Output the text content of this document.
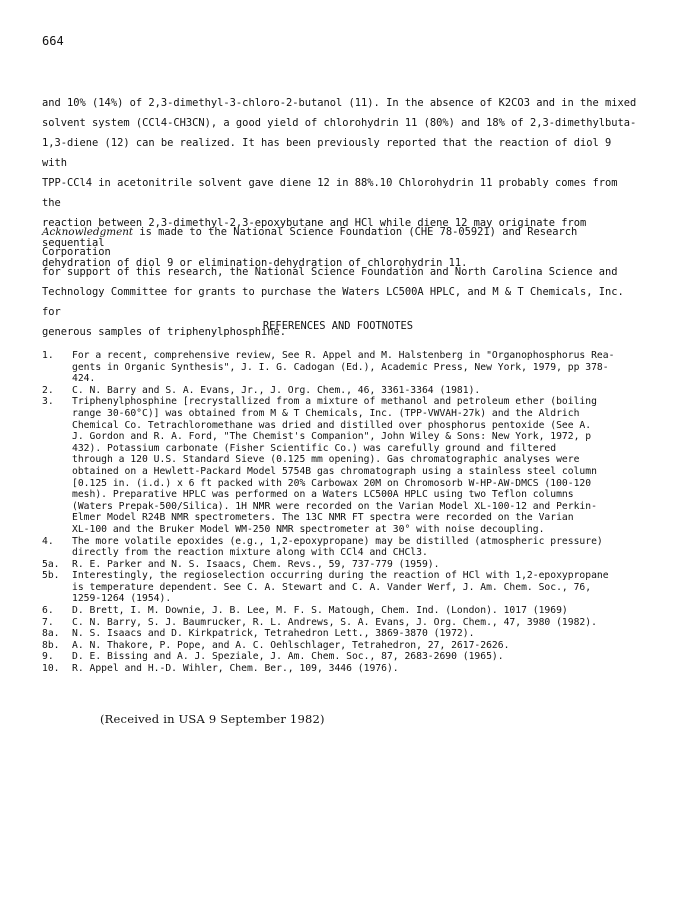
664

and 10% (14%) of 2,3-dimethyl-3-chloro-2-butanol (11). In the absence of K2CO3 and in the mixed
solvent system (CCl4-CH3CN), a good yield of chlorohydrin 11 (80%) and 18% of 2,3-dimethylbuta-
1,3-diene (12) can be realized. It has been previously reported that the reaction of diol 9 with
TPP-CCl4 in acetonitrile solvent gave diene 12 in 88%.10 Chlorohydrin 11 probably comes from the
reaction between 2,3-dimethyl-2,3-epoxybutane and HCl while diene 12 may originate from sequential
dehydration of diol 9 or elimination-dehydration of chlorohydrin 11.

Acknowledgment is made to the National Science Foundation (CHE 78-05921) and Research Corporation
for support of this research, the National Science Foundation and North Carolina Science and
Technology Committee for grants to purchase the Waters LC500A HPLC, and M & T Chemicals, Inc. for
generous samples of triphenylphosphine.

REFERENCES AND FOOTNOTES
1.	For a recent, comprehensive review, See R. Appel and M. Halstenberg in "Organophosphorus Rea-
gents in Organic Synthesis", J. I. G. Cadogan (Ed.), Academic Press, New York, 1979, pp 378-
424.
2.	C. N. Barry and S. A. Evans, Jr., J. Org. Chem., 46, 3361-3364 (1981).
3.	Triphenylphosphine [recrystallized from a mixture of methanol and petroleum ether (boiling
range 30-60°C)] was obtained from M & T Chemicals, Inc. (TPP-VWVAH-27k) and the Aldrich
Chemical Co. Tetrachloromethane was dried and distilled over phosphorus pentoxide (See A.
J. Gordon and R. A. Ford, "The Chemist's Companion", John Wiley & Sons: New York, 1972, p
432). Potassium carbonate (Fisher Scientific Co.) was carefully ground and filtered
through a 120 U.S. Standard Sieve (0.125 mm opening). Gas chromatographic analyses were
obtained on a Hewlett-Packard Model 5754B gas chromatograph using a stainless steel column
[0.125 in. (i.d.) x 6 ft packed with 20% Carbowax 20M on Chromosorb W-HP-AW-DMCS (100-120
mesh). Preparative HPLC was performed on a Waters LC500A HPLC using two Teflon columns
(Waters Prepak-500/Silica). 1H NMR were recorded on the Varian Model XL-100-12 and Perkin-
Elmer Model R24B NMR spectrometers. The 13C NMR FT spectra were recorded on the Varian
XL-100 and the Bruker Model WM-250 NMR spectrometer at 30° with noise decoupling.
4.	The more volatile epoxides (e.g., 1,2-epoxypropane) may be distilled (atmospheric pressure)
directly from the reaction mixture along with CCl4 and CHCl3.
5a.	R. E. Parker and N. S. Isaacs, Chem. Revs., 59, 737-779 (1959).
5b.	Interestingly, the regioselection occurring during the reaction of HCl with 1,2-epoxypropane
is temperature dependent. See C. A. Stewart and C. A. Vander Werf, J. Am. Chem. Soc., 76,
1259-1264 (1954).
6.	D. Brett, I. M. Downie, J. B. Lee, M. F. S. Matough, Chem. Ind. (London). 1017 (1969)
7.	C. N. Barry, S. J. Baumrucker, R. L. Andrews, S. A. Evans, J. Org. Chem., 47, 3980 (1982).
8a.	N. S. Isaacs and D. Kirkpatrick, Tetrahedron Lett., 3869-3870 (1972).
8b.	A. N. Thakore, P. Pope, and A. C. Oehlschlager, Tetrahedron, 27, 2617-2626.
9.	D. E. Bissing and A. J. Speziale, J. Am. Chem. Soc., 87, 2683-2690 (1965).
10.	R. Appel and H.-D. Wihler, Chem. Ber., 109, 3446 (1976).
(Received in USA 9 September 1982)
